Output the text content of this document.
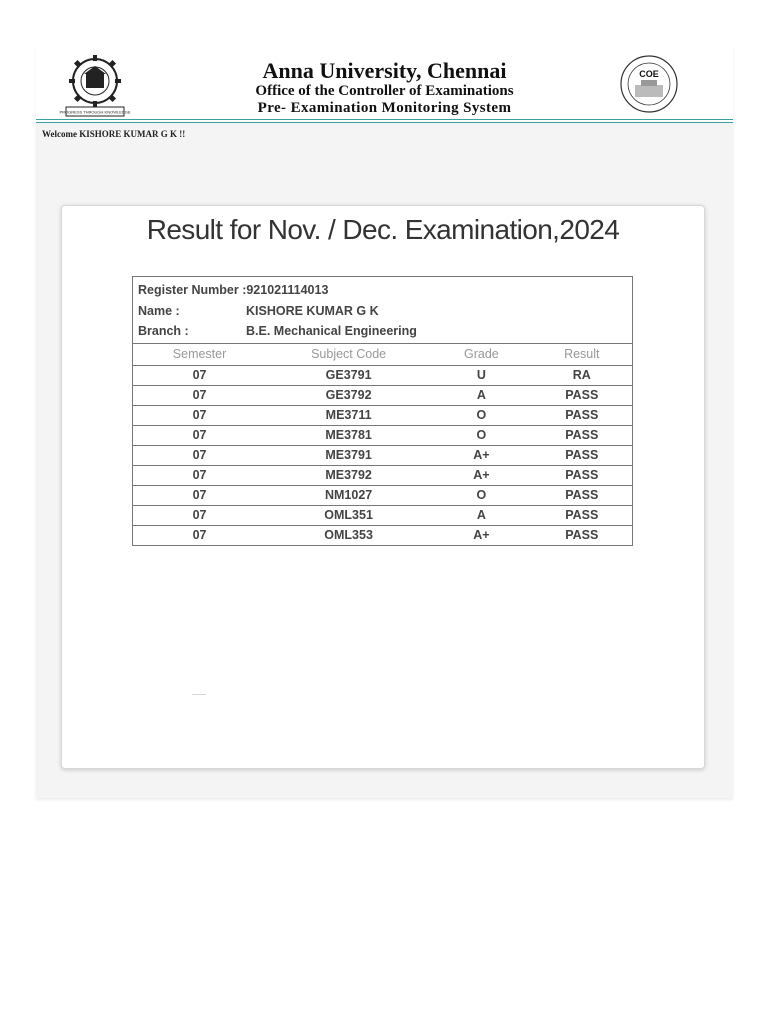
PROGRESS THROUGH KNOWLEDGE
Anna University, Chennai
Office of the Controller of Examinations
Pre- Examination Monitoring System
COE
Welcome KISHORE KUMAR G K !!
Result for Nov. / Dec. Examination,2024
Register Number : 921021114013
Name :	KISHORE KUMAR G K
Branch :	B.E. Mechanical Engineering
Semester	Subject Code	Grade	Result
07	GE3791	U	RA
07	GE3792	A	PASS
07	ME3711	O	PASS
07	ME3781	O	PASS
07	ME3791	A+	PASS
07	ME3792	A+	PASS
07	NM1027	O	PASS
07	OML351	A	PASS
07	OML353	A+	PASS
